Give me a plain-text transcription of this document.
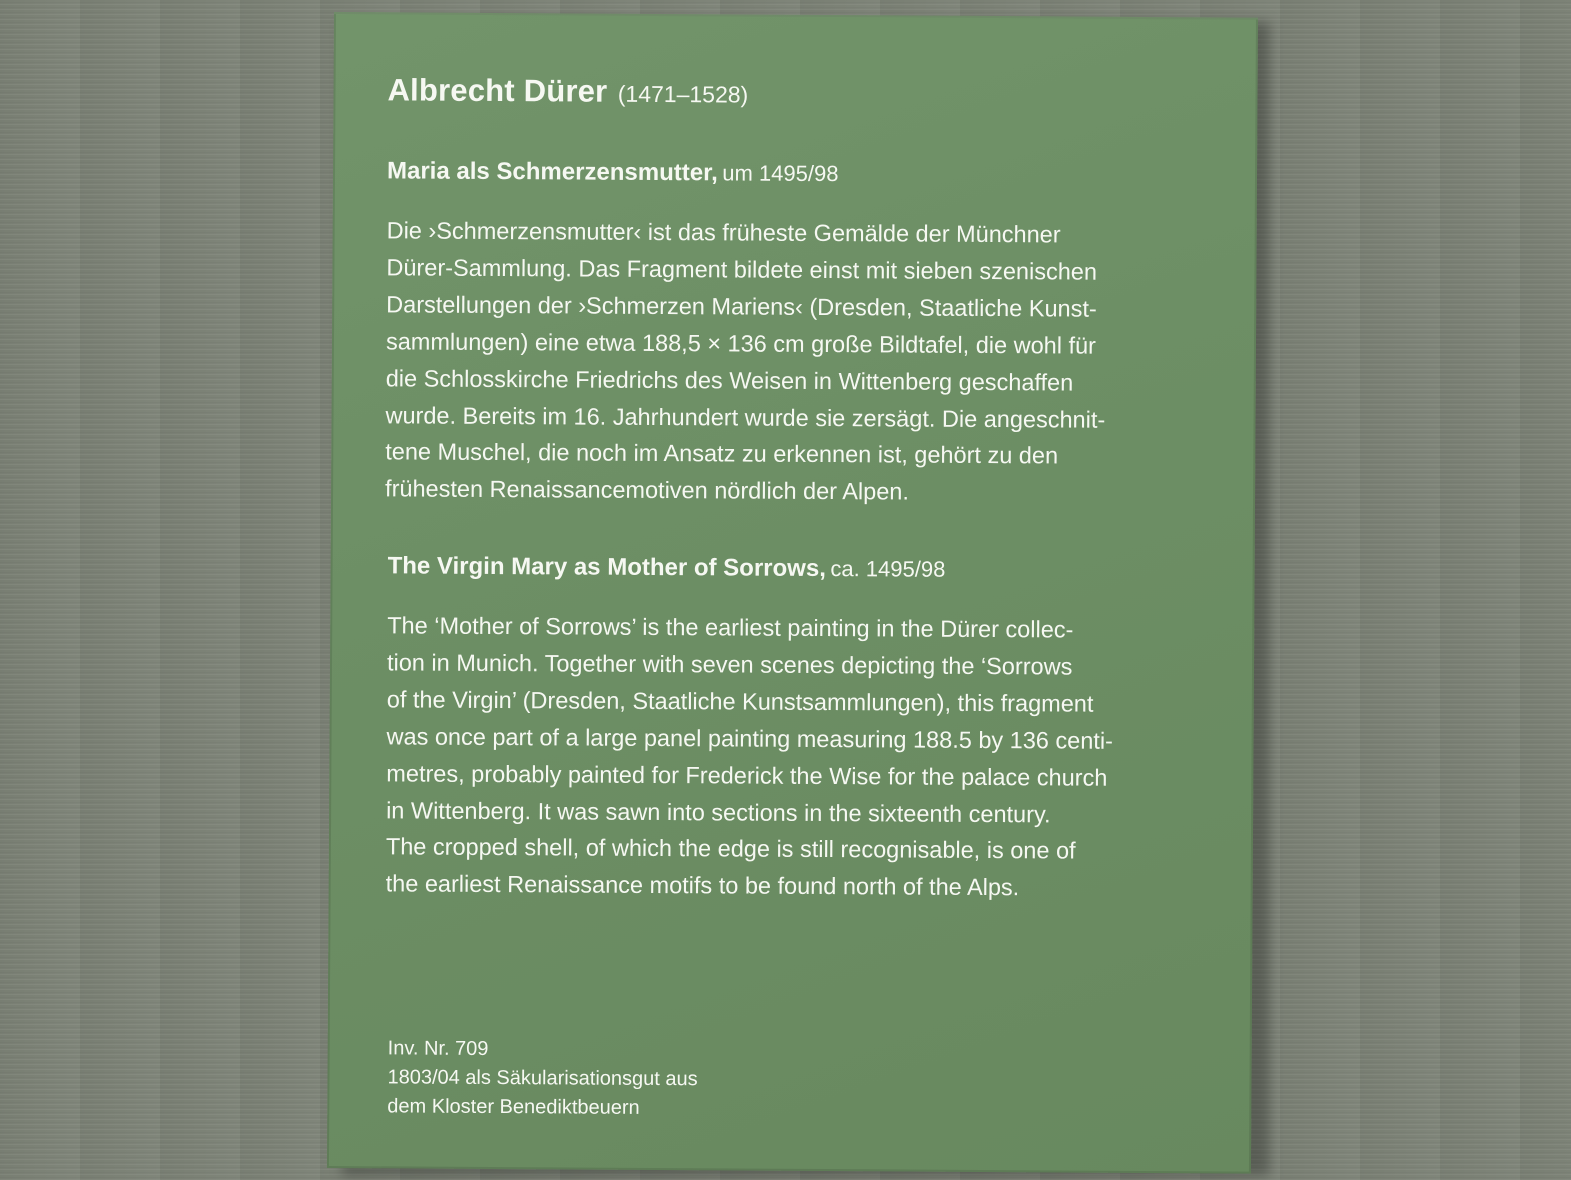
Albrecht Dürer (1471–1528)
Maria als Schmerzensmutter, um 1495/98

Die ›Schmerzensmutter‹ ist das früheste Gemälde der Münchner
Dürer-Sammlung. Das Fragment bildete einst mit sieben szenischen
Darstellungen der ›Schmerzen Mariens‹ (Dresden, Staatliche Kunst-
sammlungen) eine etwa 188,5 × 136 cm große Bildtafel, die wohl für
die Schlosskirche Friedrichs des Weisen in Wittenberg geschaffen
wurde. Bereits im 16. Jahrhundert wurde sie zersägt. Die angeschnit-
tene Muschel, die noch im Ansatz zu erkennen ist, gehört zu den
frühesten Renaissancemotiven nördlich der Alpen.

The Virgin Mary as Mother of Sorrows, ca. 1495/98

The ‘Mother of Sorrows’ is the earliest painting in the Dürer collec-
tion in Munich. Together with seven scenes depicting the ‘Sorrows
of the Virgin’ (Dresden, Staatliche Kunstsammlungen), this fragment
was once part of a large panel painting measuring 188.5 by 136 centi-
metres, probably painted for Frederick the Wise for the palace church
in Wittenberg. It was sawn into sections in the sixteenth century.
The cropped shell, of which the edge is still recognisable, is one of
the earliest Renaissance motifs to be found north of the Alps.

Inv. Nr. 709
1803/04 als Säkularisationsgut aus
dem Kloster Benediktbeuern
